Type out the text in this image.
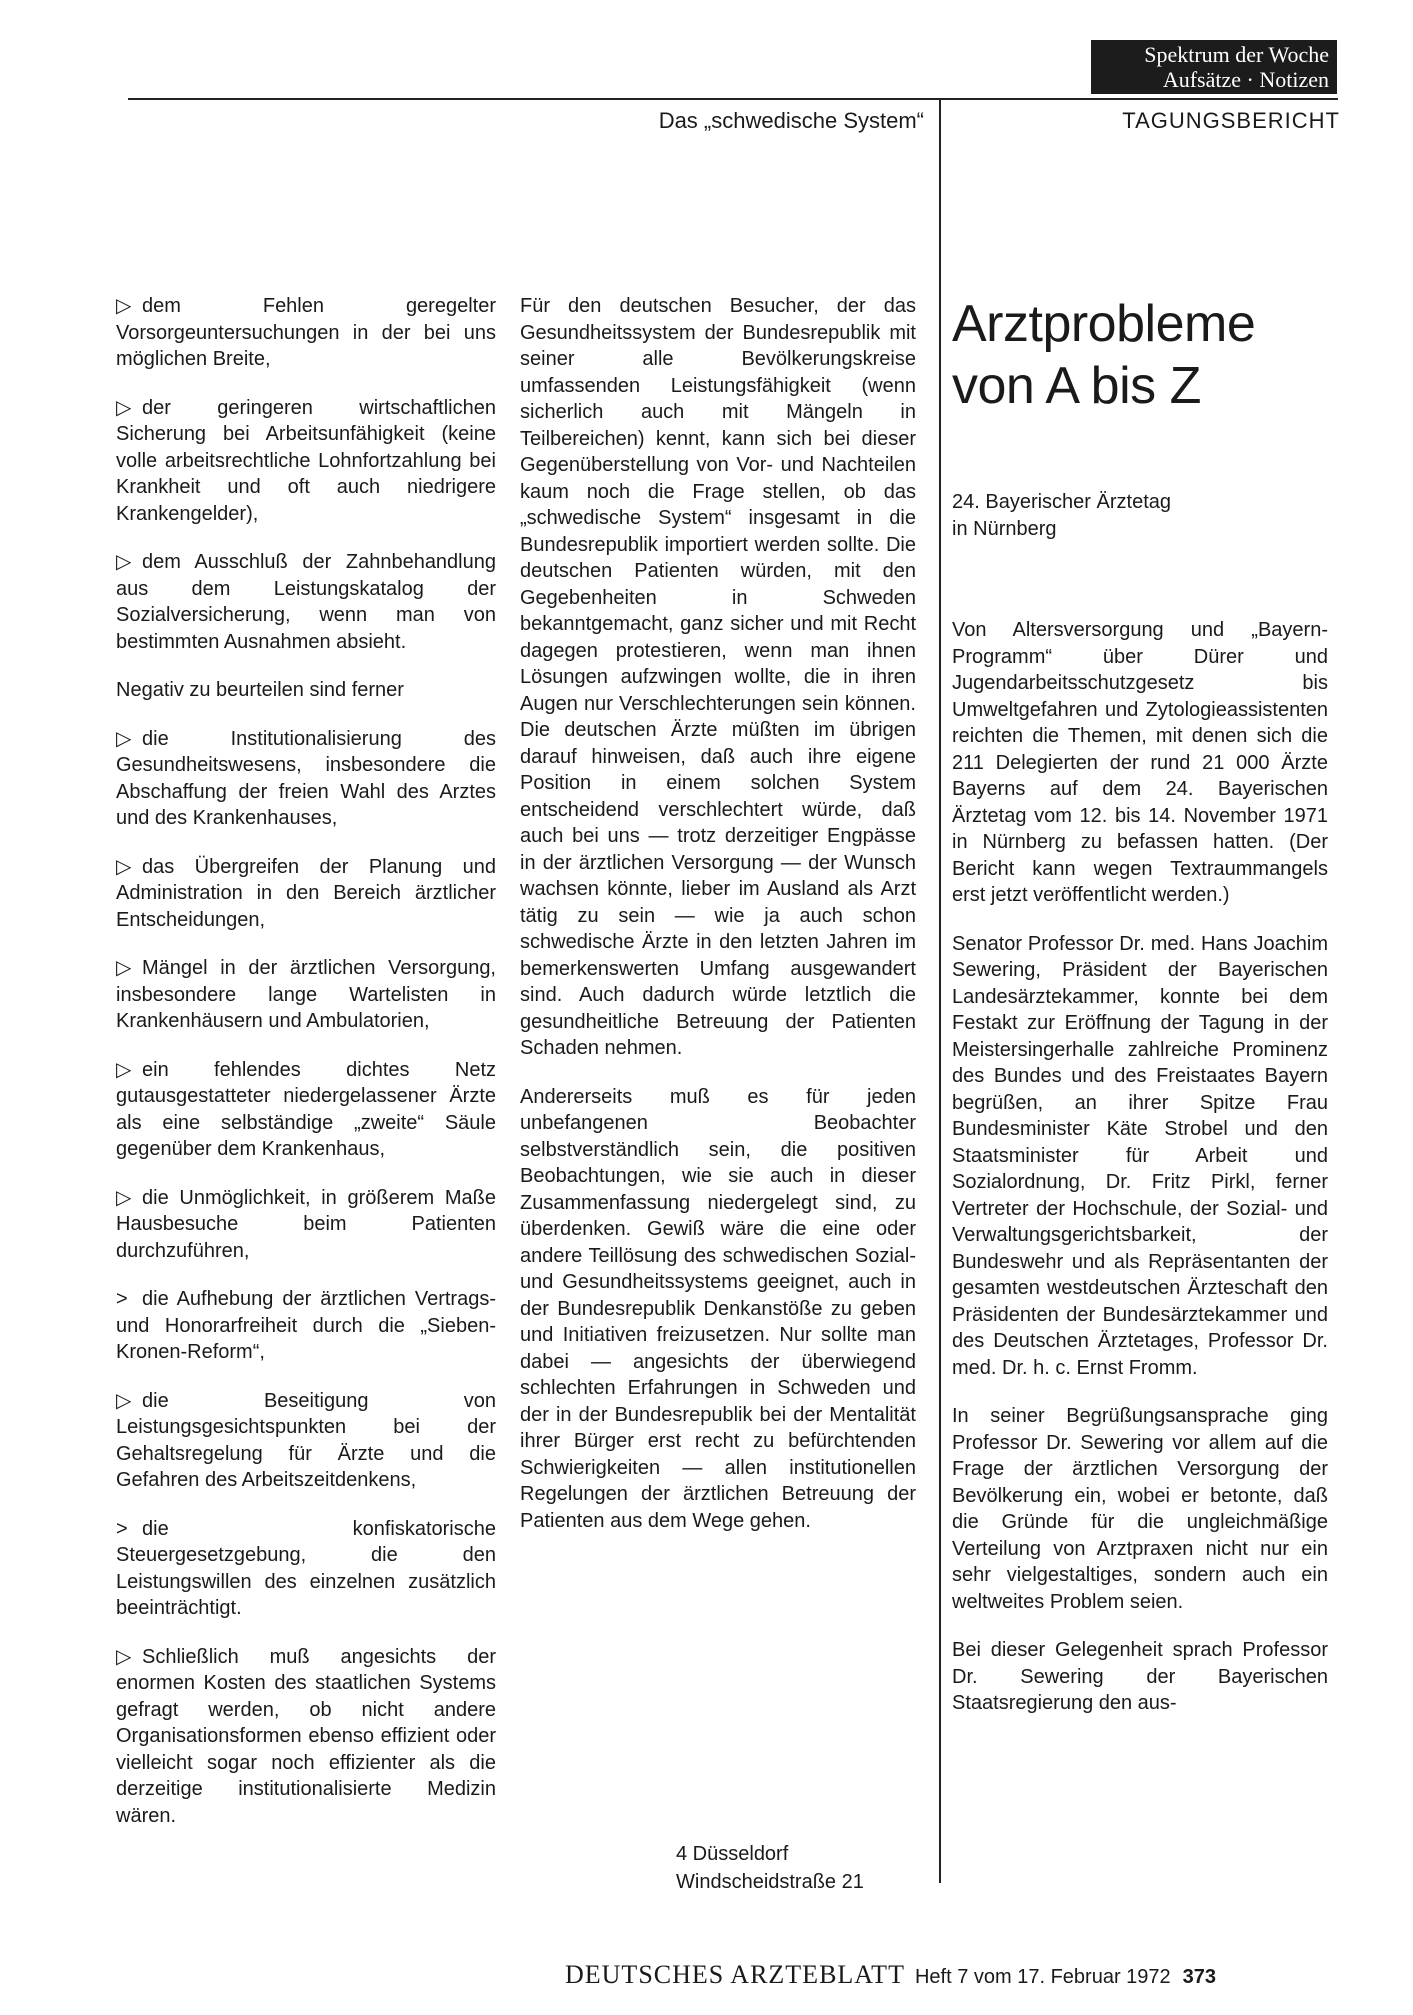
Spektrum der Woche
Aufsätze · Notizen
Das „schwedische System“	TAGUNGSBERICHT
▷ dem Fehlen geregelter Vorsorgeuntersuchungen in der bei uns möglichen Breite,
▷ der geringeren wirtschaftlichen Sicherung bei Arbeitsunfähigkeit (keine volle arbeitsrechtliche Lohnfortzahlung bei Krankheit und oft auch niedrigere Krankengelder),
▷ dem Ausschluß der Zahnbehandlung aus dem Leistungskatalog der Sozialversicherung, wenn man von bestimmten Ausnahmen absieht.
Negativ zu beurteilen sind ferner
▷ die Institutionalisierung des Gesundheitswesens, insbesondere die Abschaffung der freien Wahl des Arztes und des Krankenhauses,
▷ das Übergreifen der Planung und Administration in den Bereich ärztlicher Entscheidungen,
▷ Mängel in der ärztlichen Versorgung, insbesondere lange Wartelisten in Krankenhäusern und Ambulatorien,
▷ ein fehlendes dichtes Netz gutausgestatteter niedergelassener Ärzte als eine selbständige „zweite“ Säule gegenüber dem Krankenhaus,
▷ die Unmöglichkeit, in größerem Maße Hausbesuche beim Patienten durchzuführen,
> die Aufhebung der ärztlichen Vertrags- und Honorarfreiheit durch die „Sieben-Kronen-Reform“,
▷ die Beseitigung von Leistungsgesichtspunkten bei der Gehaltsregelung für Ärzte und die Gefahren des Arbeitszeitdenkens,
> die konfiskatorische Steuergesetzgebung, die den Leistungswillen des einzelnen zusätzlich beeinträchtigt.
▷ Schließlich muß angesichts der enormen Kosten des staatlichen Systems gefragt werden, ob nicht andere Organisationsformen ebenso effizient oder vielleicht sogar noch effizienter als die derzeitige institutionalisierte Medizin wären.
Für den deutschen Besucher, der das Gesundheitssystem der Bundesrepublik mit seiner alle Bevölkerungskreise umfassenden Leistungsfähigkeit (wenn sicherlich auch mit Mängeln in Teilbereichen) kennt, kann sich bei dieser Gegenüberstellung von Vor- und Nachteilen kaum noch die Frage stellen, ob das „schwedische System“ insgesamt in die Bundesrepublik importiert werden sollte. Die deutschen Patienten würden, mit den Gegebenheiten in Schweden bekanntgemacht, ganz sicher und mit Recht dagegen protestieren, wenn man ihnen Lösungen aufzwingen wollte, die in ihren Augen nur Verschlechterungen sein können. Die deutschen Ärzte müßten im übrigen darauf hinweisen, daß auch ihre eigene Position in einem solchen System entscheidend verschlechtert würde, daß auch bei uns — trotz derzeitiger Engpässe in der ärztlichen Versorgung — der Wunsch wachsen könnte, lieber im Ausland als Arzt tätig zu sein — wie ja auch schon schwedische Ärzte in den letzten Jahren im bemerkenswerten Umfang ausgewandert sind. Auch dadurch würde letztlich die gesundheitliche Betreuung der Patienten Schaden nehmen.
Andererseits muß es für jeden unbefangenen Beobachter selbstverständlich sein, die positiven Beobachtungen, wie sie auch in dieser Zusammenfassung niedergelegt sind, zu überdenken. Gewiß wäre die eine oder andere Teillösung des schwedischen Sozial- und Gesundheitssystems geeignet, auch in der Bundesrepublik Denkanstöße zu geben und Initiativen freizusetzen. Nur sollte man dabei — angesichts der überwiegend schlechten Erfahrungen in Schweden und der in der Bundesrepublik bei der Mentalität ihrer Bürger erst recht zu befürchtenden Schwierigkeiten — allen institutionellen Regelungen der ärztlichen Betreuung der Patienten aus dem Wege gehen.
4 Düsseldorf
Windscheidstraße 21
Arztprobleme
von A bis Z
24. Bayerischer Ärztetag
in Nürnberg
Von Altersversorgung und „Bayern-Programm“ über Dürer und Jugendarbeitsschutzgesetz bis Umweltgefahren und Zytologieassistenten reichten die Themen, mit denen sich die 211 Delegierten der rund 21 000 Ärzte Bayerns auf dem 24. Bayerischen Ärztetag vom 12. bis 14. November 1971 in Nürnberg zu befassen hatten. (Der Bericht kann wegen Textraummangels erst jetzt veröffentlicht werden.)
Senator Professor Dr. med. Hans Joachim Sewering, Präsident der Bayerischen Landesärztekammer, konnte bei dem Festakt zur Eröffnung der Tagung in der Meistersingerhalle zahlreiche Prominenz des Bundes und des Freistaates Bayern begrüßen, an ihrer Spitze Frau Bundesminister Käte Strobel und den Staatsminister für Arbeit und Sozialordnung, Dr. Fritz Pirkl, ferner Vertreter der Hochschule, der Sozial- und Verwaltungsgerichtsbarkeit, der Bundeswehr und als Repräsentanten der gesamten westdeutschen Ärzteschaft den Präsidenten der Bundesärztekammer und des Deutschen Ärztetages, Professor Dr. med. Dr. h. c. Ernst Fromm.
In seiner Begrüßungsansprache ging Professor Dr. Sewering vor allem auf die Frage der ärztlichen Versorgung der Bevölkerung ein, wobei er betonte, daß die Gründe für die ungleichmäßige Verteilung von Arztpraxen nicht nur ein sehr vielgestaltiges, sondern auch ein weltweites Problem seien.
Bei dieser Gelegenheit sprach Professor Dr. Sewering der Bayerischen Staatsregierung den aus-
DEUTSCHES ARZTEBLATT Heft 7 vom 17. Februar 1972 373
